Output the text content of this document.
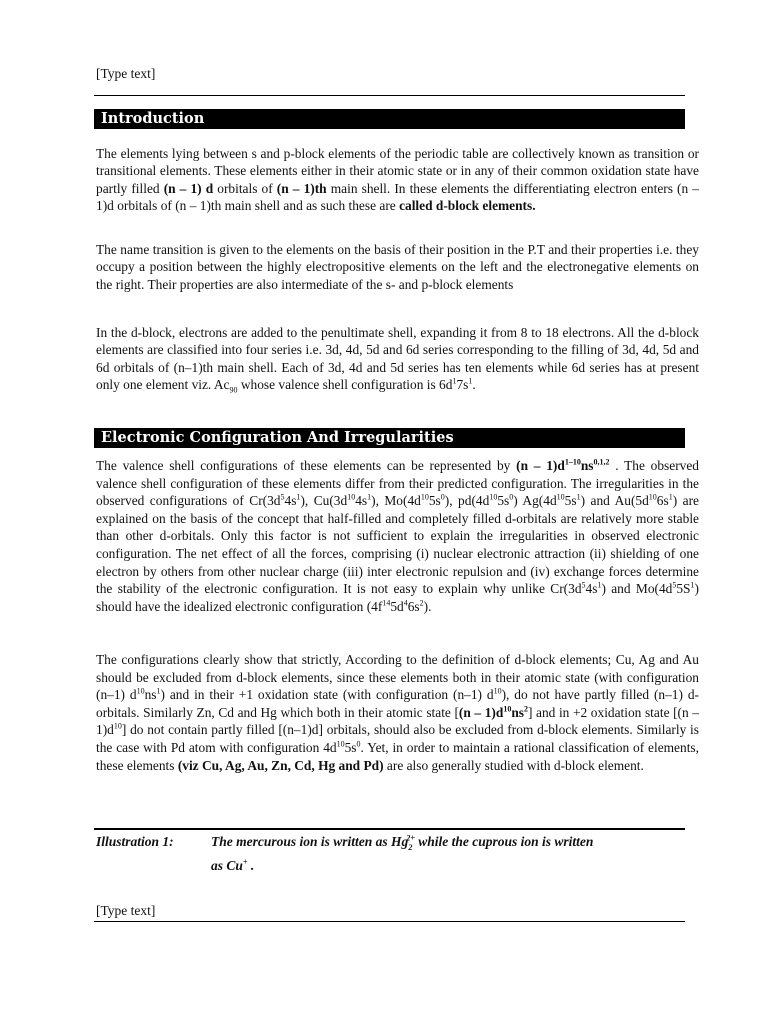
[Type text]
Introduction
The elements lying between s and p-block elements of the periodic table are collectively known as transition or transitional elements. These elements either in their atomic state or in any of their common oxidation state have partly filled (n – 1) d orbitals of (n – 1)th main shell. In these elements the differentiating electron enters (n – 1)d orbitals of (n – 1)th main shell and as such these are called d-block elements.
The name transition is given to the elements on the basis of their position in the P.T and their properties i.e. they occupy a position between the highly electropositive elements on the left and the electronegative elements on the right. Their properties are also intermediate of the s- and p-block elements
In the d-block, electrons are added to the penultimate shell, expanding it from 8 to 18 electrons. All the d-block elements are classified into four series i.e. 3d, 4d, 5d and 6d series corresponding to the filling of 3d, 4d, 5d and 6d orbitals of (n–1)th main shell. Each of 3d, 4d and 5d series has ten elements while 6d series has at present only one element viz. $Ac_{90}$ whose valence shell configuration is $6d^17s^1$.
Electronic Configuration And Irregularities
The valence shell configurations of these elements can be represented by $(n - 1)d^{1-10}ns^{0,1,2}$ . The observed valence shell configuration of these elements differ from their predicted configuration. The irregularities in the observed configurations of $Cr(3d^54s^1)$, $Cu(3d^{10}4s^1)$, $Mo(4d^{10}5s^0)$, $pd(4d^{10}5s^0)$ $Ag(4d^{10}5s^1)$ and $Au(5d^{10}6s^1)$ are explained on the basis of the concept that half-filled and completely filled d-orbitals are relatively more stable than other d-orbitals. Only this factor is not sufficient to explain the irregularities in observed electronic configuration. The net effect of all the forces, comprising (i) nuclear electronic attraction (ii) shielding of one electron by others from other nuclear charge (iii) inter electronic repulsion and (iv) exchange forces determine the stability of the electronic configuration. It is not easy to explain why unlike $Cr(3d^54s^1)$ and $Mo(4d^55S^1)$ should have the idealized electronic configuration $(4f^{14}5d^46s^2)$.
The configurations clearly show that strictly, According to the definition of d-block elements; Cu, Ag and Au should be excluded from d-block elements, since these elements both in their atomic state (with configuration (n–1) $d^{10}ns^1$) and in their +1 oxidation state (with configuration (n–1) $d^{10}$), do not have partly filled (n–1) d-orbitals. Similarly Zn, Cd and Hg which both in their atomic state $[(n - 1)d^{10}ns^2]$ and in +2 oxidation state $[(n - 1)d^{10}]$ do not contain partly filled [(n–1)d] orbitals, should also be excluded from d-block elements. Similarly is the case with Pd atom with configuration $4d^{10}5s^0$. Yet, in order to maintain a rational classification of elements, these elements (viz Cu, Ag, Au, Zn, Cd, Hg and Pd) are also generally studied with d-block element.
Illustration 1:	The mercurous ion is written as $Hg_2^{2+}$ while the cuprous ion is written
as Cu+ .
[Type text]
